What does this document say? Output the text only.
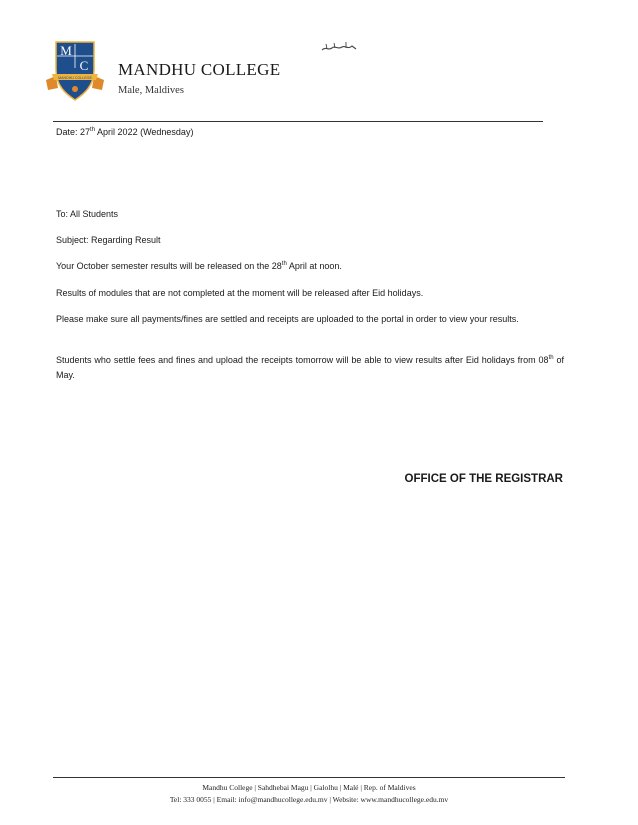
M
C
MANDHU COLLEGE MANDHU COLLEGE
Male, Maldives
Date: 27th April 2022 (Wednesday)
To: All Students
Subject: Regarding Result
Your October semester results will be released on the 28th April at noon.
Results of modules that are not completed at the moment will be released after Eid holidays.
Please make sure all payments/fines are settled and receipts are uploaded to the portal in order to view your results.
Students who settle fees and fines and upload the receipts tomorrow will be able to view results after Eid holidays from 08th of May.
OFFICE OF THE REGISTRAR
Mandhu College | Sahdhebai Magu | Galolhu | Malé | Rep. of Maldives
Tel: 333 0055 | Email: info@mandhucollege.edu.mv | Website: www.mandhucollege.edu.mv
